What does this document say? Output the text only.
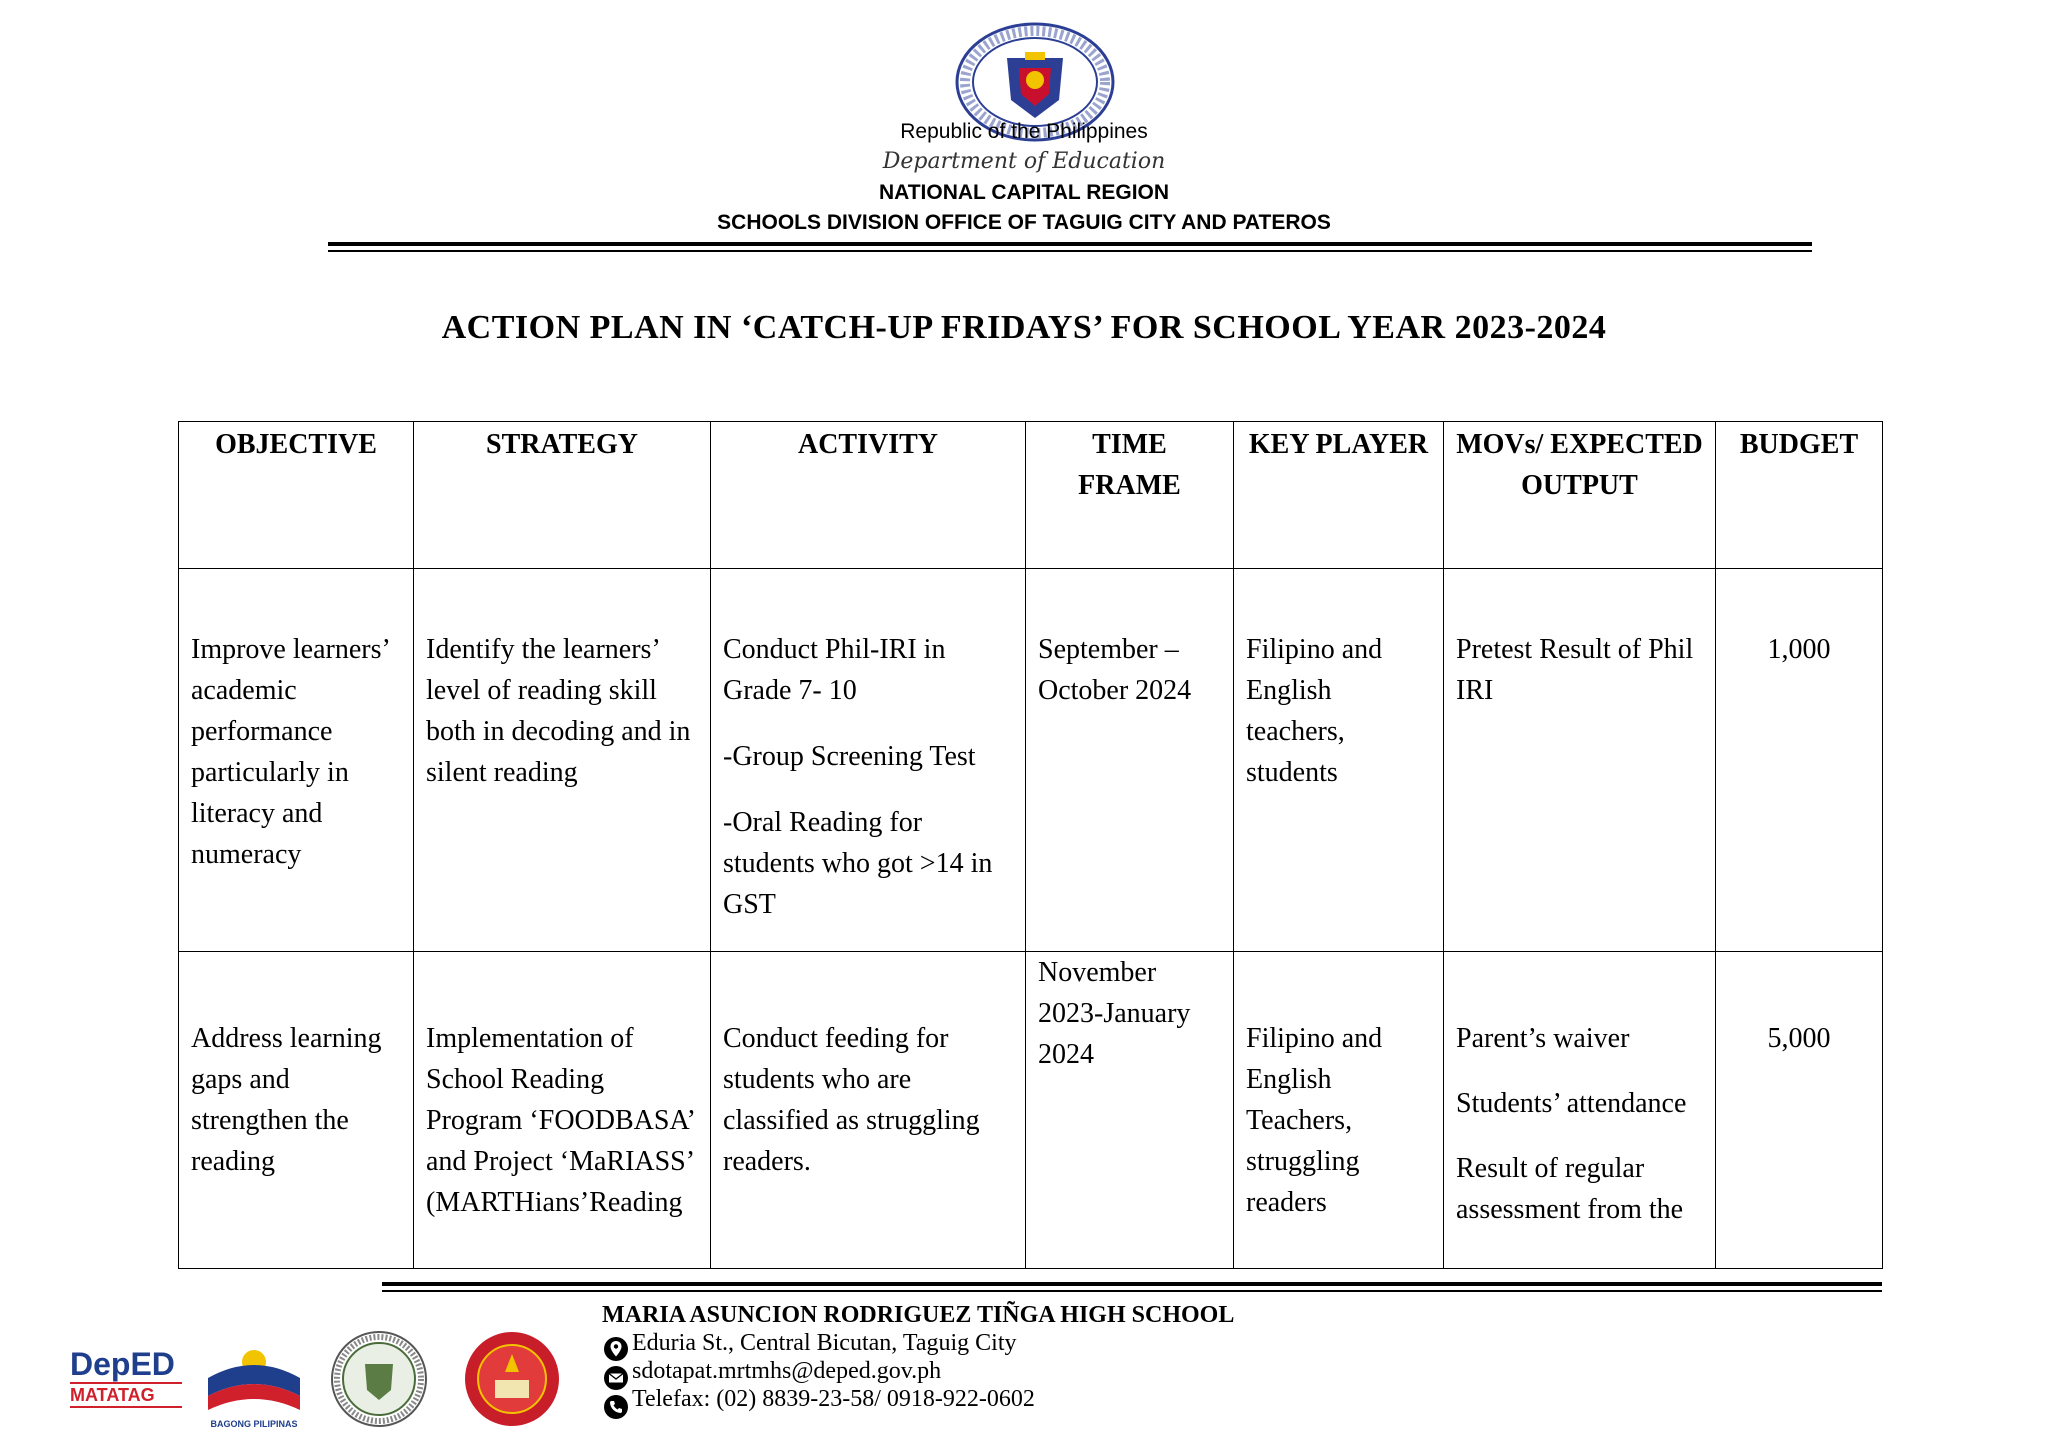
Republic of the Philippines
Department of Education
NATIONAL CAPITAL REGION
SCHOOLS DIVISION OFFICE OF TAGUIG CITY AND PATEROS
ACTION PLAN IN ‘CATCH-UP FRIDAYS’ FOR SCHOOL YEAR 2023-2024
OBJECTIVE	STRATEGY	ACTIVITY	TIME FRAME	KEY PLAYER	MOVs/ EXPECTED OUTPUT	BUDGET
Improve learners’ academic performance particularly in literacy and numeracy	Identify the learners’ level of reading skill both in decoding and in silent reading	Conduct Phil-IRI in Grade 7- 10
-Group Screening Test
-Oral Reading for students who got >14 in GST	September – October 2024	Filipino and English teachers, students	Pretest Result of Phil IRI	1,000
Address learning gaps and strengthen the reading	Implementation of School Reading Program ‘FOODBASA’ and Project ‘MaRIASS’ (MARTHians’Reading	Conduct feeding for students who are classified as struggling readers.	November 2023-January 2024	Filipino and English Teachers, struggling readers	Parent’s waiver
Students’ attendance
Result of regular assessment from the	5,000
DepED
MATATAG
BAGONG PILIPINAS
MARIA ASUNCION RODRIGUEZ TIÑGA HIGH SCHOOL
Eduria St., Central Bicutan, Taguig City
sdotapat.mrtmhs@deped.gov.ph
Telefax: (02) 8839-23-58/ 0918-922-0602
